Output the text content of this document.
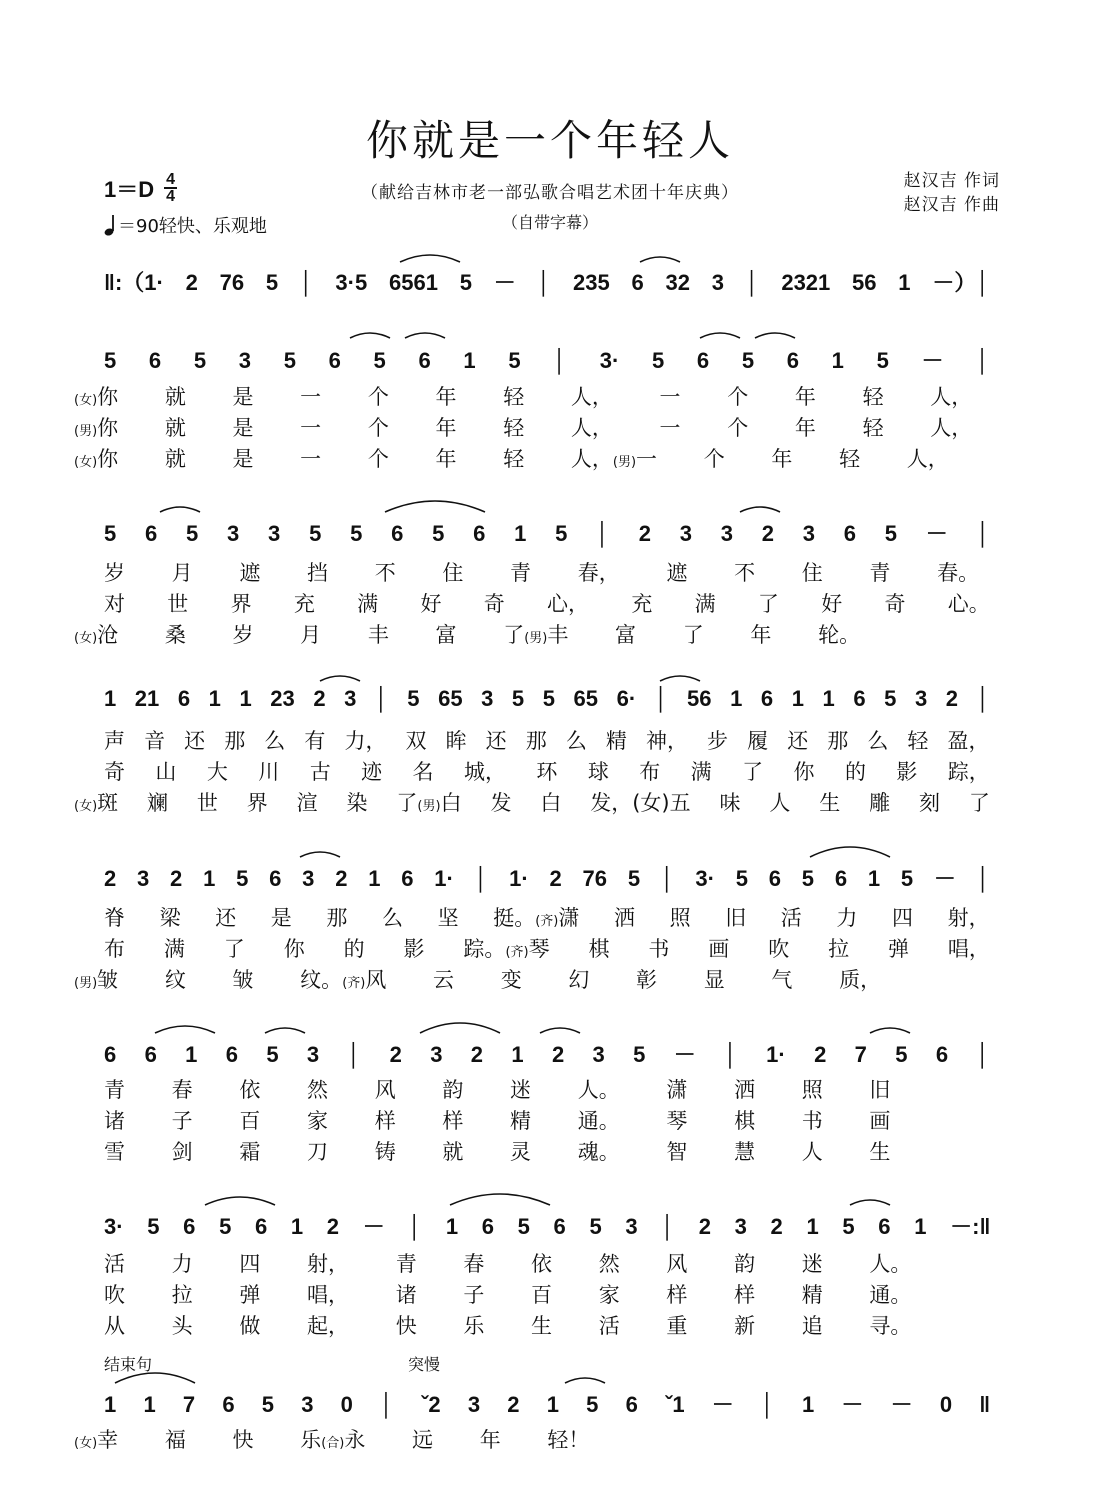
你就是一个年轻人
（献给吉林市老一部弘歌合唱艺术团十年庆典）
（自带字幕）
赵汉吉 作词
赵汉吉 作曲
1＝D 4
4
＝90轻快、乐观地
‖:（1· 2 76 5 │ 3·5 6561 5 － │ 235 6 32 3 │ 2321 56 1 －）│
5 6 5 3 5 6 5 6 1 5 │ 3· 5 6 5 6 1 5 － │
(女)你 就 是 一 个 年 轻 人， 一 个 年 轻 人，
(男)你 就 是 一 个 年 轻 人， 一 个 年 轻 人，
(女)你 就 是 一 个 年 轻 人，(男)一 个 年 轻 人，
5 6 5 3 3 5 5 6 5 6 1 5 │ 2 3 3 2 3 6 5 － │
岁 月 遮 挡 不 住 青 春， 遮 不 住 青 春。
对 世 界 充 满 好 奇 心， 充 满 了 好 奇 心。
(女)沧 桑 岁 月 丰 富 了(男)丰 富 了 年 轮。
1 21 6 1 1 23 2 3 │ 5 65 3 5 5 65 6· │ 56 1 6 1 1 6 5 3 2 │
声 音 还 那 么 有 力， 双 眸 还 那 么 精 神， 步 履 还 那 么 轻 盈，
奇 山 大 川 古 迹 名 城， 环 球 布 满 了 你 的 影 踪，
(女)斑 斓 世 界 渲 染 了(男)白 发 白 发，(女)五 味 人 生 雕 刻 了
2 3 2 1 5 6 3 2 1 6 1· │ 1· 2 76 5 │ 3· 5 6 5 6 1 5 － │
脊 梁 还 是 那 么 坚 挺。(齐)潇 洒 照 旧 活 力 四 射，
布 满 了 你 的 影 踪。(齐)琴 棋 书 画 吹 拉 弹 唱，
(男)皱 纹 皱 纹。(齐)风 云 变 幻 彰 显 气 质，
6 6 1 6 5 3 │ 2 3 2 1 2 3 5 － │ 1· 2 7 5 6 │
青 春 依 然 风 韵 迷 人。 潇 洒 照 旧
诸 子 百 家 样 样 精 通。 琴 棋 书 画
雪 剑 霜 刀 铸 就 灵 魂。 智 慧 人 生
3· 5 6 5 6 1 2 － │ 1 6 5 6 5 3 │ 2 3 2 1 5 6 1 －:‖
活 力 四 射， 青 春 依 然 风 韵 迷 人。
吹 拉 弹 唱， 诸 子 百 家 样 样 精 通。
从 头 做 起， 快 乐 生 活 重 新 追 寻。
结束句	突慢
1 1 7 6 5 3 0 │ ˇ2 3 2 1 5 6 ˇ1 － │ 1 － － 0 ‖
(女)幸 福 快 乐(合)永 远 年 轻！
